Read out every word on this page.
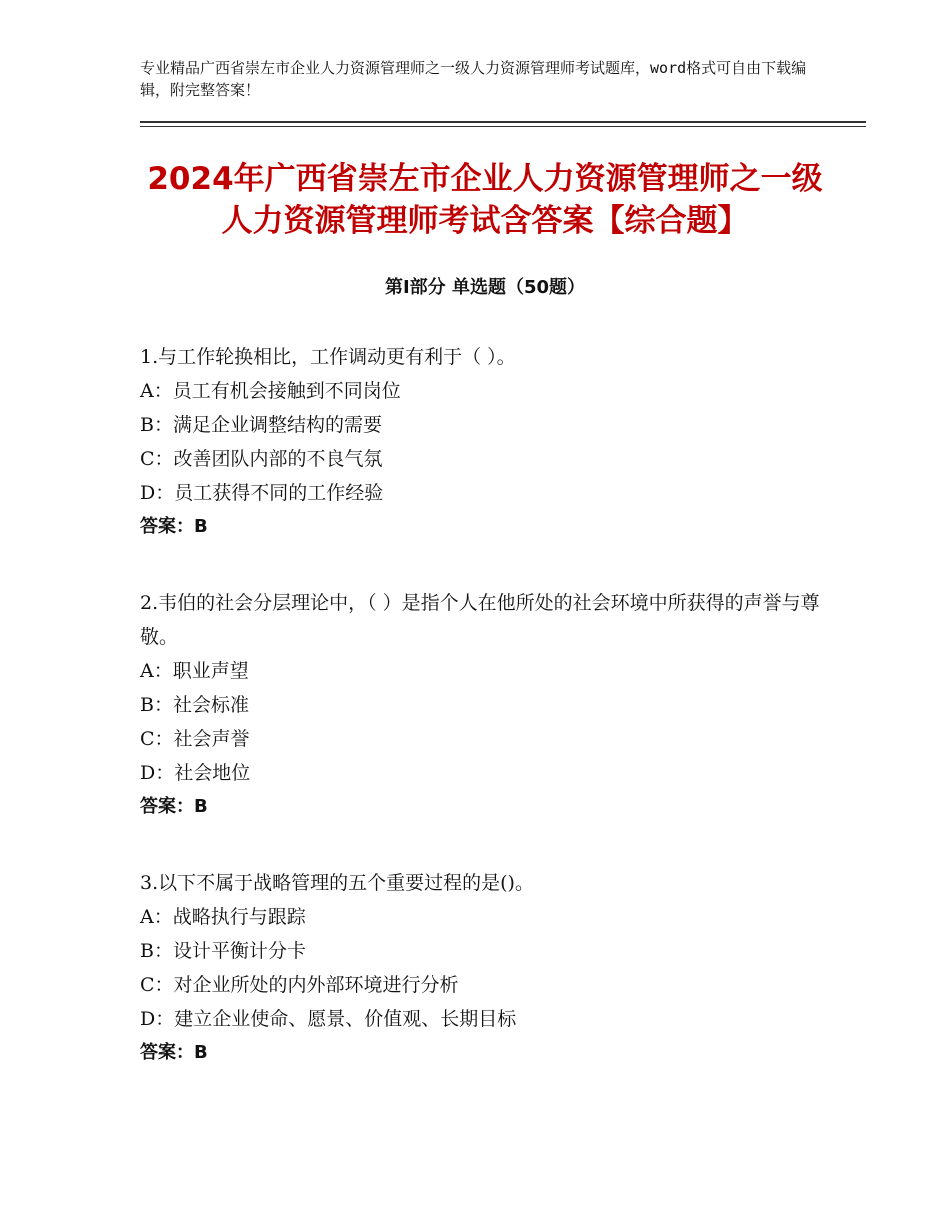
专业精品广西省崇左市企业人力资源管理师之一级人力资源管理师考试题库，word格式可自由下载编辑，附完整答案！
2024年广西省崇左市企业人力资源管理师之一级人力资源管理师考试含答案【综合题】
第Ⅰ部分 单选题（50题）

1.与工作轮换相比，工作调动更有利于（ ）。

A：员工有机会接触到不同岗位

B：满足企业调整结构的需要

C：改善团队内部的不良气氛

D：员工获得不同的工作经验

答案：B

2.韦伯的社会分层理论中，（ ）是指个人在他所处的社会环境中所获得的声誉与尊敬。

A：职业声望

B：社会标准

C：社会声誉

D：社会地位

答案：B

3.以下不属于战略管理的五个重要过程的是()。

A：战略执行与跟踪

B：设计平衡计分卡

C：对企业所处的内外部环境进行分析

D：建立企业使命、愿景、价值观、长期目标

答案：B
